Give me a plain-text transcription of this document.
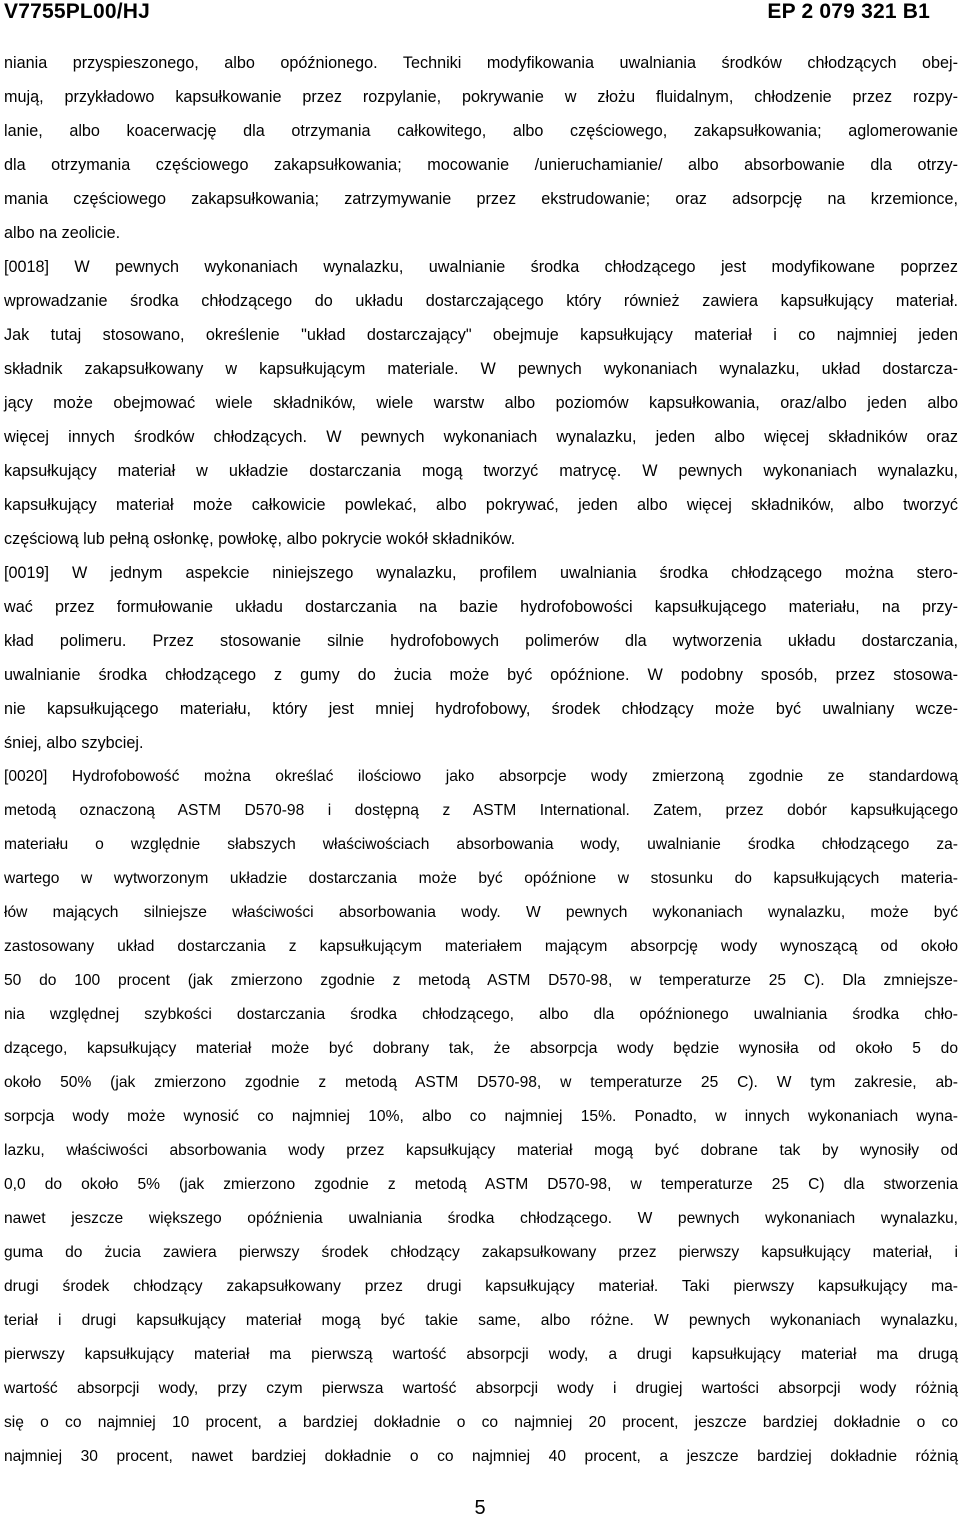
V7755PL00/HJ	EP 2 079 321 B1
niania przyspieszonego, albo opóźnionego. Techniki modyfikowania uwalniania środków chłodzących obej-
mują, przykładowo kapsułkowanie przez rozpylanie, pokrywanie w złożu fluidalnym, chłodzenie przez rozpy-
lanie, albo koacerwację dla otrzymania całkowitego, albo częściowego, zakapsułkowania; aglomerowanie
dla otrzymania częściowego zakapsułkowania; mocowanie /unieruchamianie/ albo absorbowanie dla otrzy-
mania częściowego zakapsułkowania; zatrzymywanie przez ekstrudowanie; oraz adsorpcję na krzemionce,
albo na zeolicie.
[0018] W pewnych wykonaniach wynalazku, uwalnianie środka chłodzącego jest modyfikowane poprzez
wprowadzanie środka chłodzącego do układu dostarczającego który również zawiera kapsułkujący materiał.
Jak tutaj stosowano, określenie "układ dostarczający" obejmuje kapsułkujący materiał i co najmniej jeden
składnik zakapsułkowany w kapsułkującym materiale. W pewnych wykonaniach wynalazku, układ dostarcza-
jący może obejmować wiele składników, wiele warstw albo poziomów kapsułkowania, oraz/albo jeden albo
więcej innych środków chłodzących. W pewnych wykonaniach wynalazku, jeden albo więcej składników oraz
kapsułkujący materiał w układzie dostarczania mogą tworzyć matrycę. W pewnych wykonaniach wynalazku,
kapsułkujący materiał może całkowicie powlekać, albo pokrywać, jeden albo więcej składników, albo tworzyć
częściową lub pełną osłonkę, powłokę, albo pokrycie wokół składników.
[0019] W jednym aspekcie niniejszego wynalazku, profilem uwalniania środka chłodzącego można stero-
wać przez formułowanie układu dostarczania na bazie hydrofobowości kapsułkującego materiału, na przy-
kład polimeru. Przez stosowanie silnie hydrofobowych polimerów dla wytworzenia układu dostarczania,
uwalnianie środka chłodzącego z gumy do żucia może być opóźnione. W podobny sposób, przez stosowa-
nie kapsułkującego materiału, który jest mniej hydrofobowy, środek chłodzący może być uwalniany wcze-
śniej, albo szybciej.
[0020] Hydrofobowość można określać ilościowo jako absorpcje wody zmierzoną zgodnie ze standardową
metodą oznaczoną ASTM D570-98 i dostępną z ASTM International. Zatem, przez dobór kapsułkującego
materiału o względnie słabszych właściwościach absorbowania wody, uwalnianie środka chłodzącego za-
wartego w wytworzonym układzie dostarczania może być opóźnione w stosunku do kapsułkujących materia-
łów mających silniejsze właściwości absorbowania wody. W pewnych wykonaniach wynalazku, może być
zastosowany układ dostarczania z kapsułkującym materiałem mającym absorpcję wody wynoszącą od około
50 do 100 procent (jak zmierzono zgodnie z metodą ASTM D570-98, w temperaturze 25 C). Dla zmniejsze-
nia względnej szybkości dostarczania środka chłodzącego, albo dla opóźnionego uwalniania środka chło-
dzącego, kapsułkujący materiał może być dobrany tak, że absorpcja wody będzie wynosiła od około 5 do
około 50% (jak zmierzono zgodnie z metodą ASTM D570-98, w temperaturze 25 C). W tym zakresie, ab-
sorpcja wody może wynosić co najmniej 10%, albo co najmniej 15%. Ponadto, w innych wykonaniach wyna-
lazku, właściwości absorbowania wody przez kapsułkujący materiał mogą być dobrane tak by wynosiły od
0,0 do około 5% (jak zmierzono zgodnie z metodą ASTM D570-98, w temperaturze 25 C) dla stworzenia
nawet jeszcze większego opóźnienia uwalniania środka chłodzącego. W pewnych wykonaniach wynalazku,
guma do żucia zawiera pierwszy środek chłodzący zakapsułkowany przez pierwszy kapsułkujący materiał, i
drugi środek chłodzący zakapsułkowany przez drugi kapsułkujący materiał. Taki pierwszy kapsułkujący ma-
teriał i drugi kapsułkujący materiał mogą być takie same, albo różne. W pewnych wykonaniach wynalazku,
pierwszy kapsułkujący materiał ma pierwszą wartość absorpcji wody, a drugi kapsułkujący materiał ma drugą
wartość absorpcji wody, przy czym pierwsza wartość absorpcji wody i drugiej wartości absorpcji wody różnią
się o co najmniej 10 procent, a bardziej dokładnie o co najmniej 20 procent, jeszcze bardziej dokładnie o co
najmniej 30 procent, nawet bardziej dokładnie o co najmniej 40 procent, a jeszcze bardziej dokładnie różnią
5
